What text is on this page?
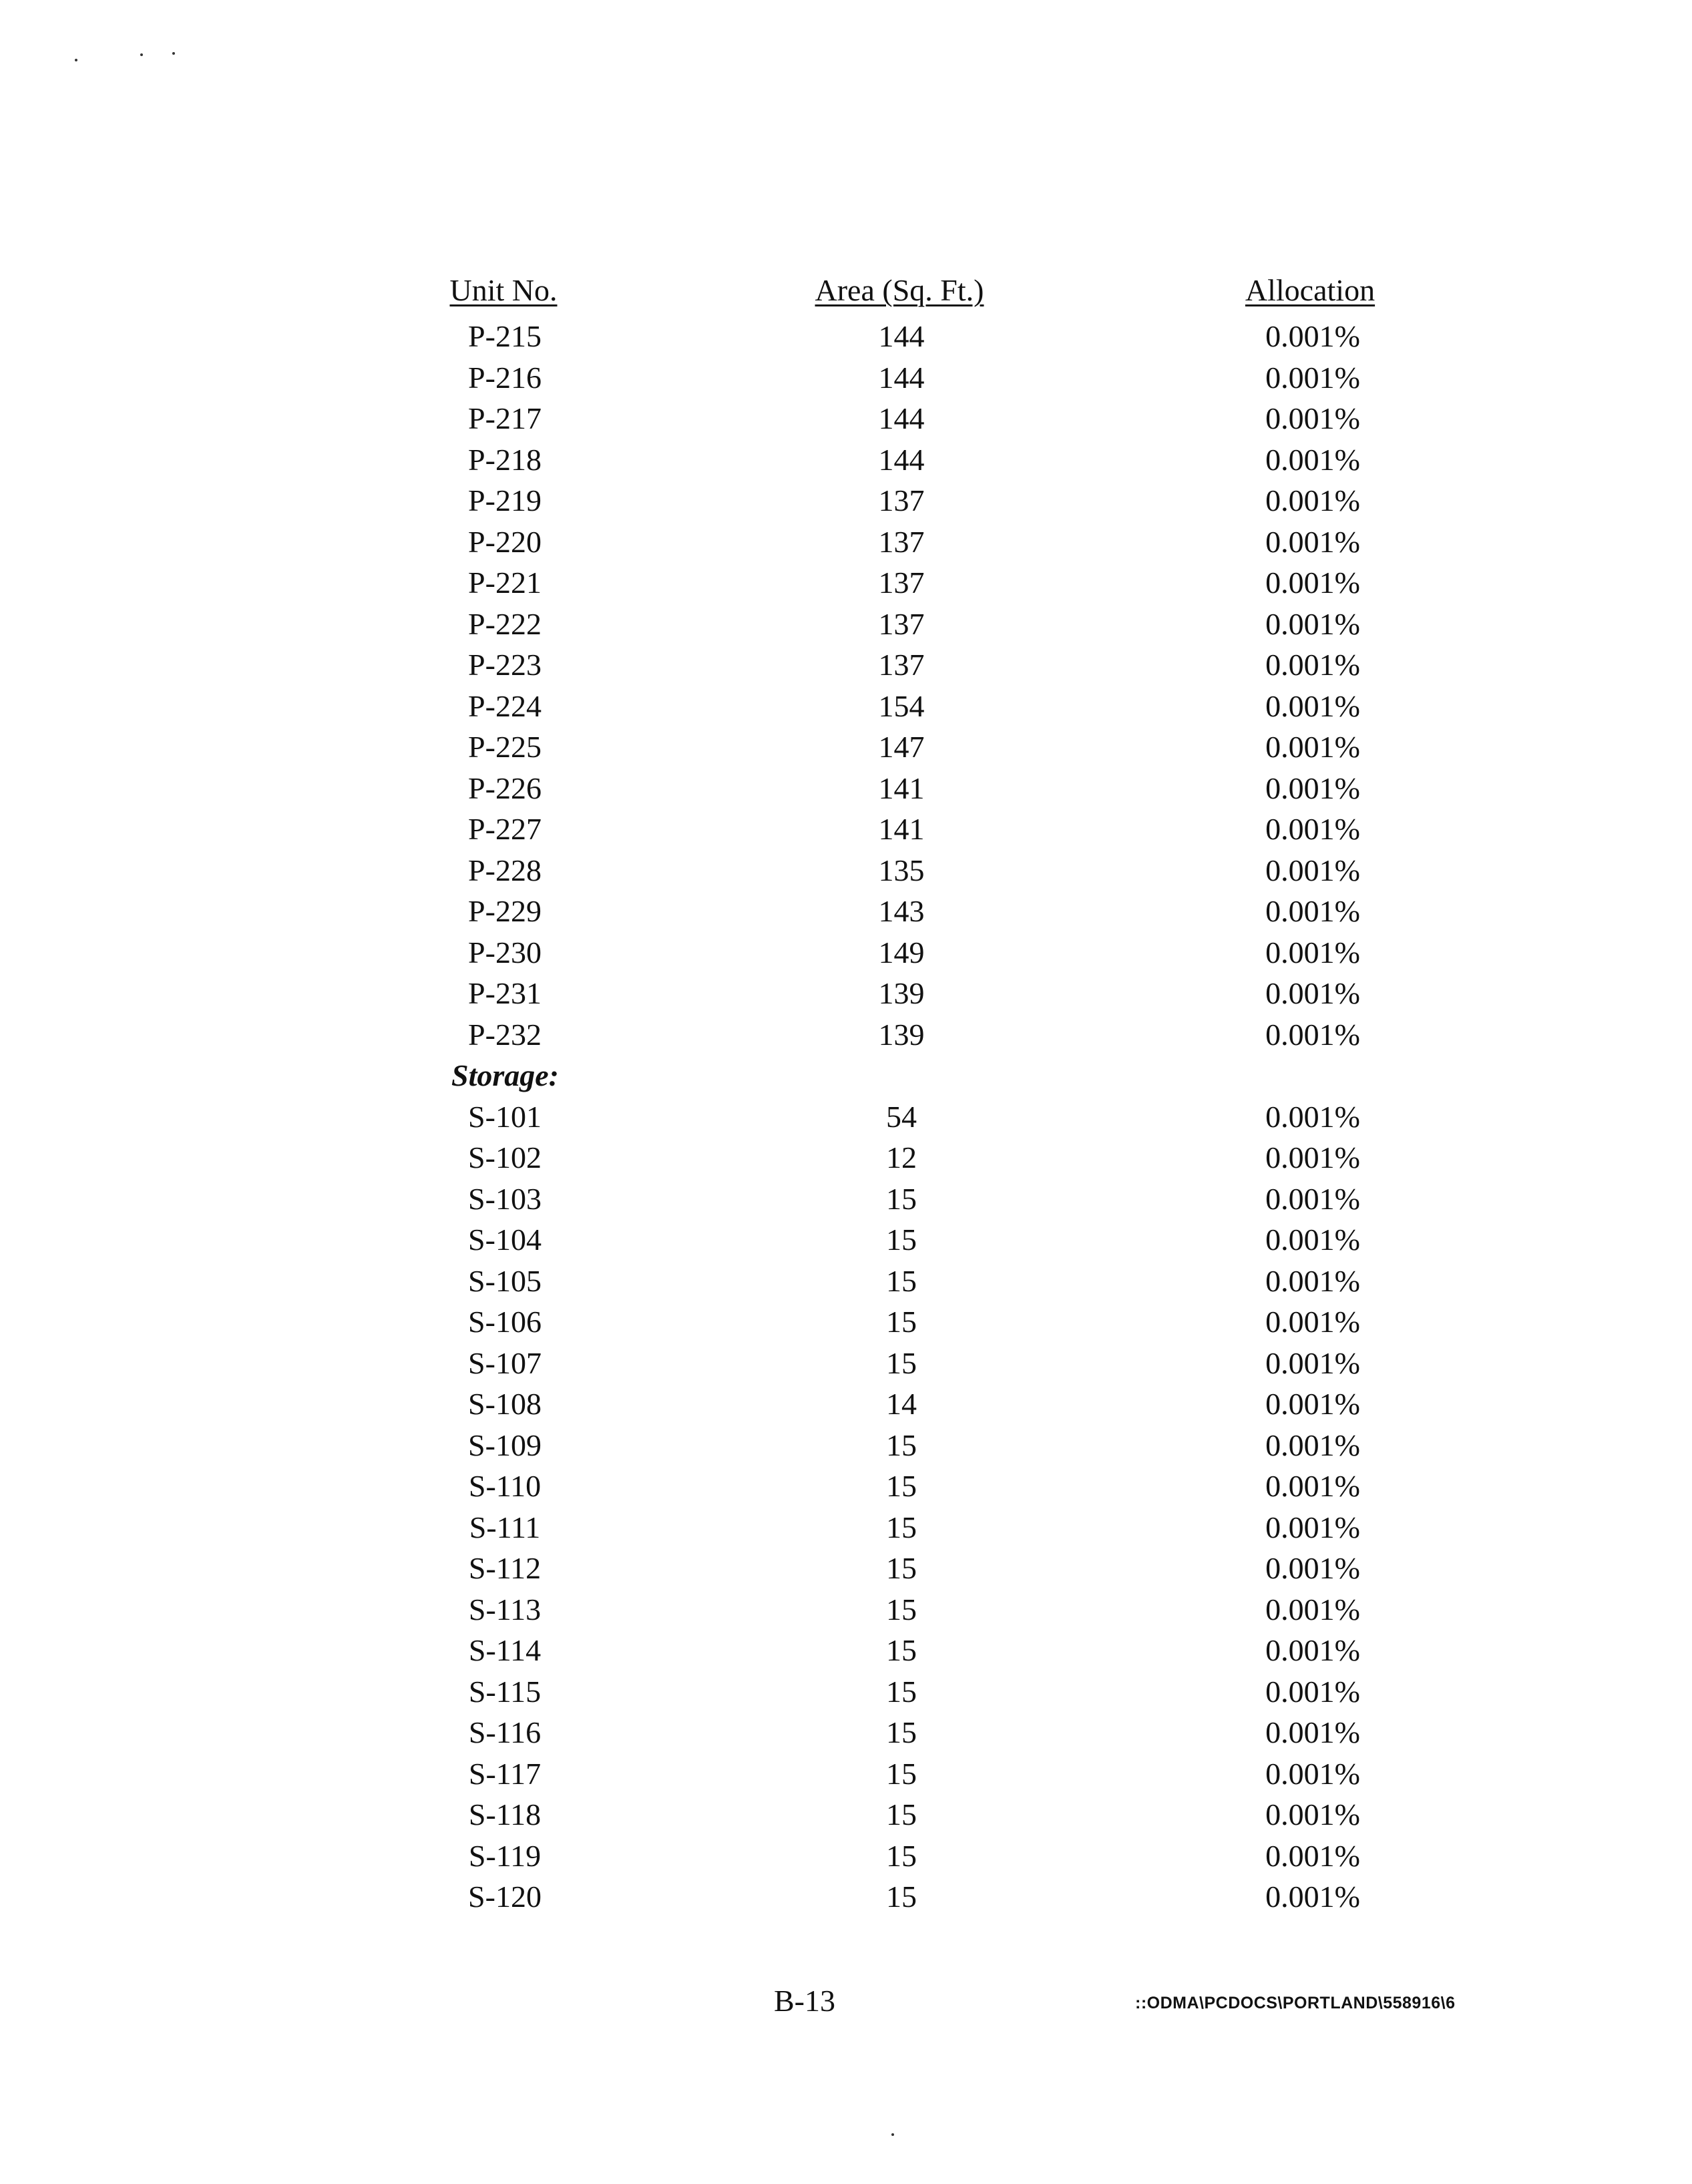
Unit No.	Area (Sq. Ft.)	Allocation
P-215	144	0.001%
P-216	144	0.001%
P-217	144	0.001%
P-218	144	0.001%
P-219	137	0.001%
P-220	137	0.001%
P-221	137	0.001%
P-222	137	0.001%
P-223	137	0.001%
P-224	154	0.001%
P-225	147	0.001%
P-226	141	0.001%
P-227	141	0.001%
P-228	135	0.001%
P-229	143	0.001%
P-230	149	0.001%
P-231	139	0.001%
P-232	139	0.001%
Storage:
S-101	54	0.001%
S-102	12	0.001%
S-103	15	0.001%
S-104	15	0.001%
S-105	15	0.001%
S-106	15	0.001%
S-107	15	0.001%
S-108	14	0.001%
S-109	15	0.001%
S-110	15	0.001%
S-111	15	0.001%
S-112	15	0.001%
S-113	15	0.001%
S-114	15	0.001%
S-115	15	0.001%
S-116	15	0.001%
S-117	15	0.001%
S-118	15	0.001%
S-119	15	0.001%
S-120	15	0.001%
B-13	::ODMA\PCDOCS\PORTLAND\558916\6
